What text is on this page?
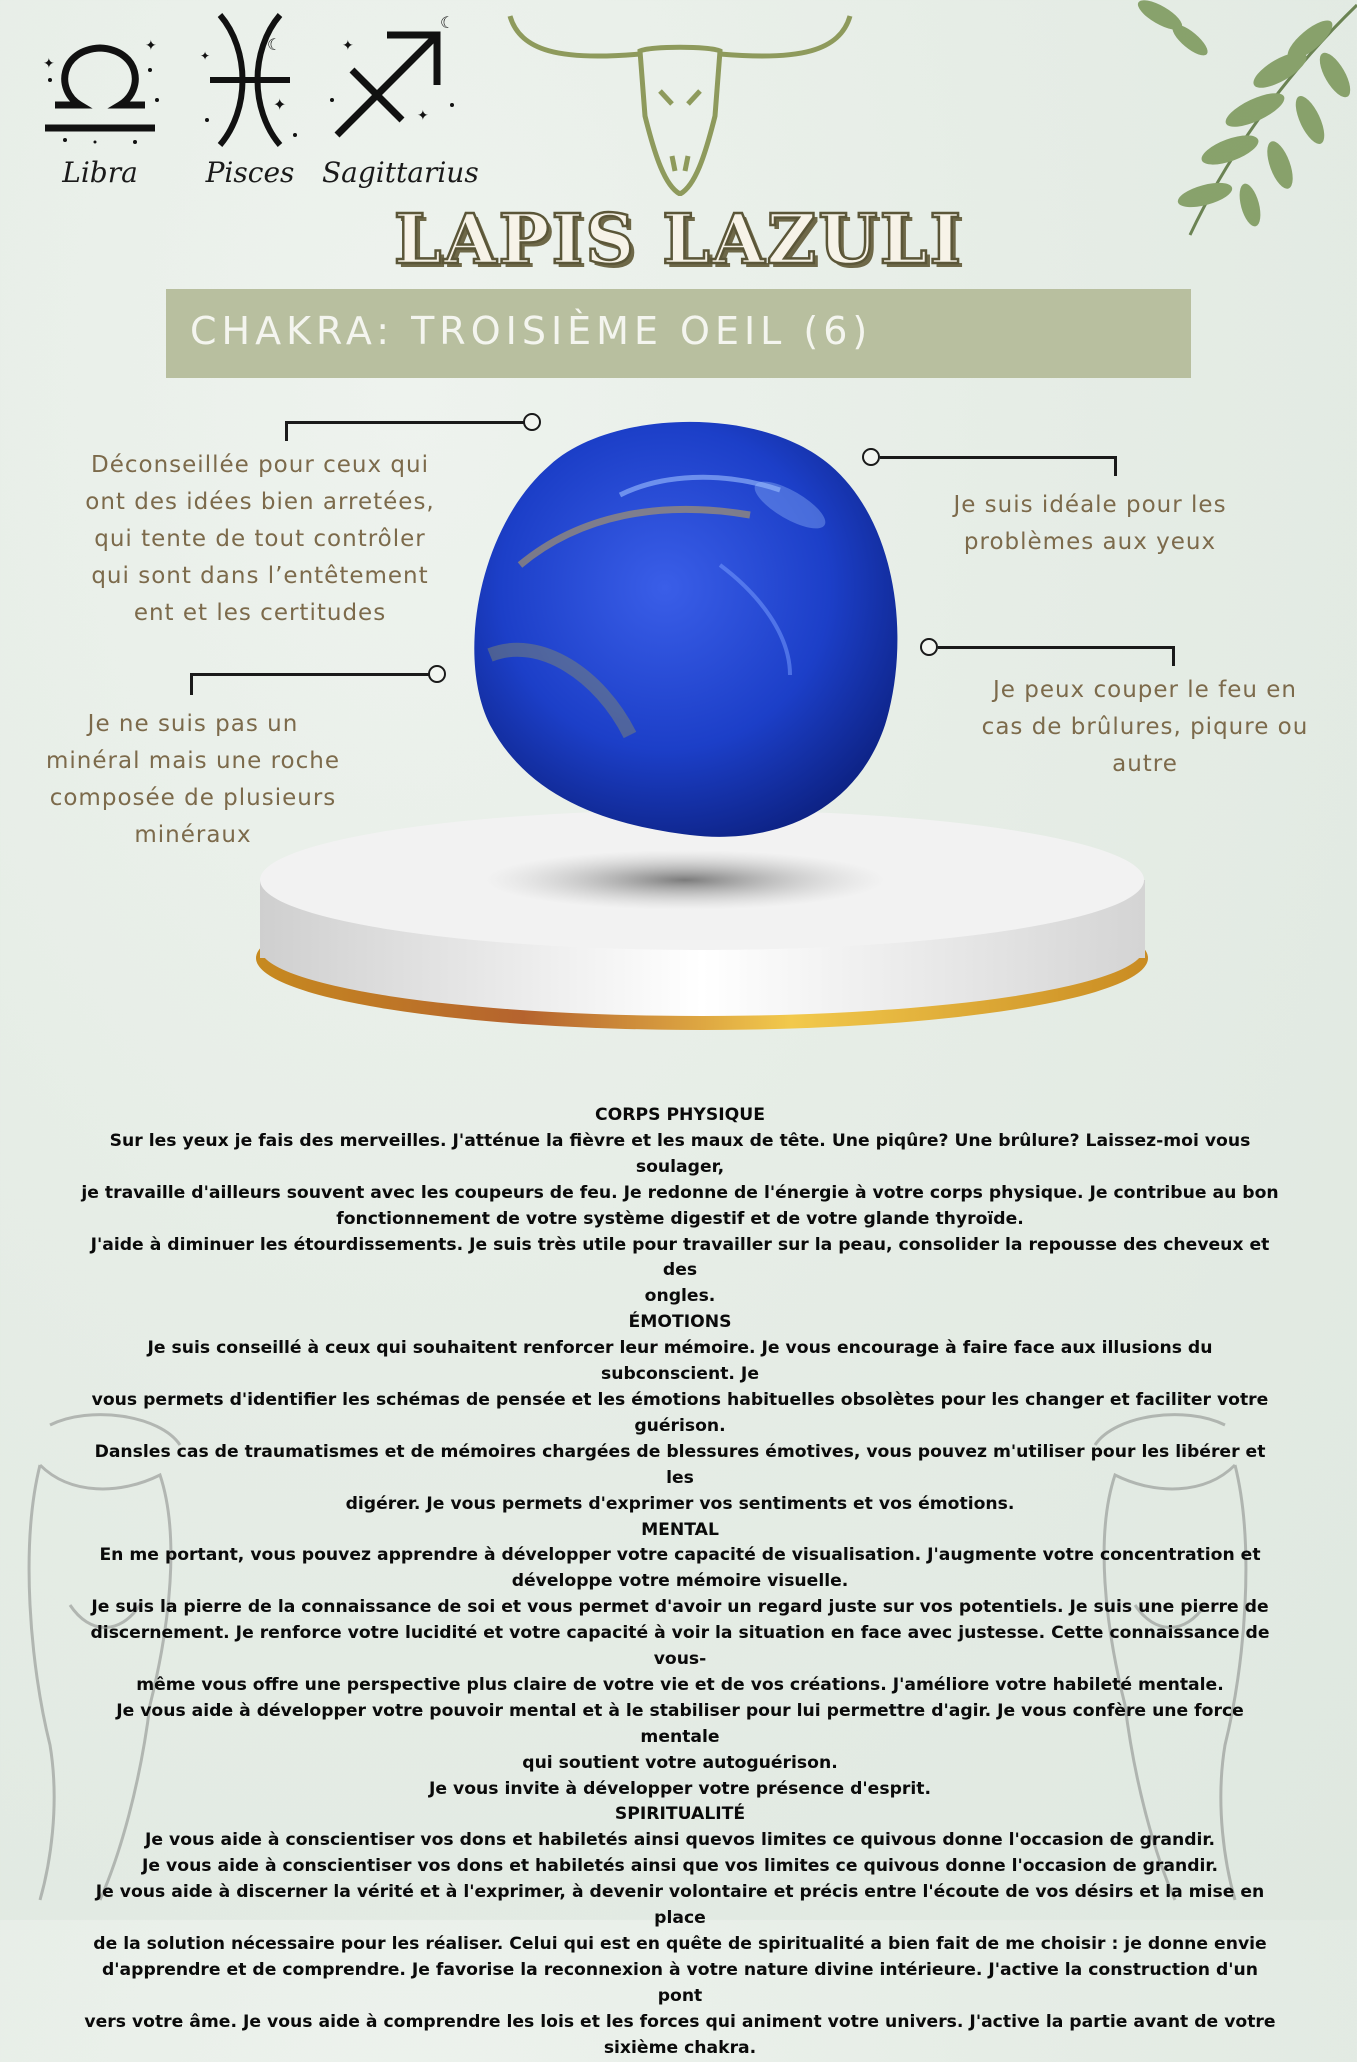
✦
✦
Libra
☾
✦
✦
Pisces
☾
✦
✦
Sagittarius
LAPIS LAZULI
CHAKRA: TROISIÈME OEIL (6)
Déconseillée pour ceux qui
ont des idées bien arretées,
qui tente de tout contrôler
qui sont dans l’entêtement
ent et les certitudes
Je ne suis pas un
minéral mais une roche
composée de plusieurs
minéraux
Je suis idéale pour les
problèmes aux yeux
Je peux couper le feu en
cas de brûlures, piqure ou
autre

CORPS PHYSIQUE

Sur les yeux je fais des merveilles. J'atténue la fièvre et les maux de tête. Une piqûre? Une brûlure? Laissez-moi vous soulager,

je travaille d'ailleurs souvent avec les coupeurs de feu. Je redonne de l'énergie à votre corps physique. Je contribue au bon

fonctionnement de votre système digestif et de votre glande thyroïde.

J'aide à diminuer les étourdissements. Je suis très utile pour travailler sur la peau, consolider la repousse des cheveux et des

ongles.

ÉMOTIONS

Je suis conseillé à ceux qui souhaitent renforcer leur mémoire. Je vous encourage à faire face aux illusions du subconscient. Je

vous permets d'identifier les schémas de pensée et les émotions habituelles obsolètes pour les changer et faciliter votre

guérison.

Dansles cas de traumatismes et de mémoires chargées de blessures émotives, vous pouvez m'utiliser pour les libérer et les

digérer. Je vous permets d'exprimer vos sentiments et vos émotions.

MENTAL

En me portant, vous pouvez apprendre à développer votre capacité de visualisation. J'augmente votre concentration et

développe votre mémoire visuelle.

Je suis la pierre de la connaissance de soi et vous permet d'avoir un regard juste sur vos potentiels. Je suis une pierre de

discernement. Je renforce votre lucidité et votre capacité à voir la situation en face avec justesse. Cette connaissance de vous-

même vous offre une perspective plus claire de votre vie et de vos créations. J'améliore votre habileté mentale.

Je vous aide à développer votre pouvoir mental et à le stabiliser pour lui permettre d'agir. Je vous confère une force mentale

qui soutient votre autoguérison.

Je vous invite à développer votre présence d'esprit.

SPIRITUALITÉ

Je vous aide à conscientiser vos dons et habiletés ainsi quevos limites ce quivous donne l'occasion de grandir.

Je vous aide à conscientiser vos dons et habiletés ainsi que vos limites ce quivous donne l'occasion de grandir.

Je vous aide à discerner la vérité et à l'exprimer, à devenir volontaire et précis entre l'écoute de vos désirs et la mise en place

de la solution nécessaire pour les réaliser. Celui qui est en quête de spiritualité a bien fait de me choisir : je donne envie

d'apprendre et de comprendre. Je favorise la reconnexion à votre nature divine intérieure. J'active la construction d'un pont

vers votre âme. Je vous aide à comprendre les lois et les forces qui animent votre univers. J'active la partie avant de votre

sixième chakra.
